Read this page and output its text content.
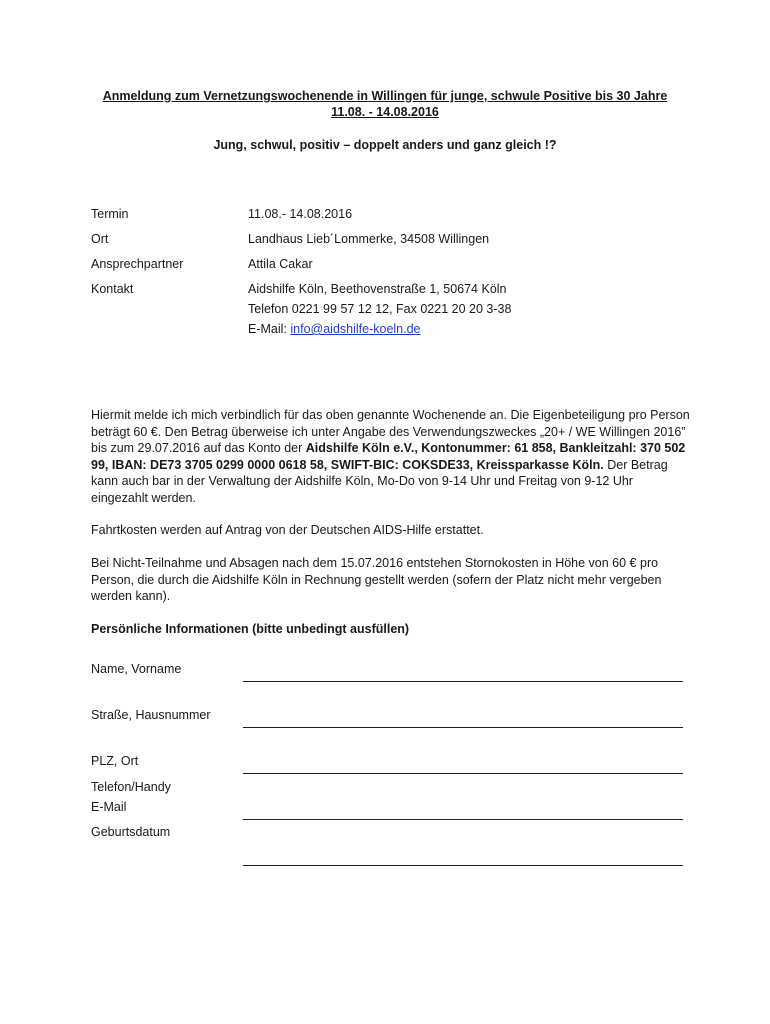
Anmeldung zum Vernetzungswochenende in Willingen für junge, schwule Positive bis 30 Jahre
11.08. - 14.08.2016
Jung, schwul, positiv – doppelt anders und ganz gleich !?
Termin	11.08.- 14.08.2016
Ort	Landhaus Lieb´Lommerke, 34508 Willingen
Ansprechpartner	Attila Cakar
Kontakt	Aidshilfe Köln, Beethovenstraße 1, 50674 Köln
Telefon 0221 99 57 12 12, Fax 0221 20 20 3-38
E-Mail: info@aidshilfe-koeln.de
Hiermit melde ich mich verbindlich für das oben genannte Wochenende an. Die Eigenbeteiligung pro Person beträgt 60 €. Den Betrag überweise ich unter Angabe des Verwendungszweckes „20+ / WE Willingen 2016” bis zum 29.07.2016 auf das Konto der Aidshilfe Köln e.V., Kontonummer: 61 858, Bankleitzahl: 370 502 99, IBAN: DE73 3705 0299 0000 0618 58, SWIFT-BIC: COKSDE33, Kreissparkasse Köln. Der Betrag kann auch bar in der Verwaltung der Aidshilfe Köln, Mo-Do von 9-14 Uhr und Freitag von 9-12 Uhr eingezahlt werden.
Fahrtkosten werden auf Antrag von der Deutschen AIDS-Hilfe erstattet.
Bei Nicht-Teilnahme und Absagen nach dem 15.07.2016 entstehen Stornokosten in Höhe von 60 € pro Person, die durch die Aidshilfe Köln in Rechnung gestellt werden (sofern der Platz nicht mehr vergeben werden kann).
Persönliche Informationen (bitte unbedingt ausfüllen)
Name, Vorname
Straße, Hausnummer
PLZ, Ort
Telefon/Handy
E-Mail
Geburtsdatum
